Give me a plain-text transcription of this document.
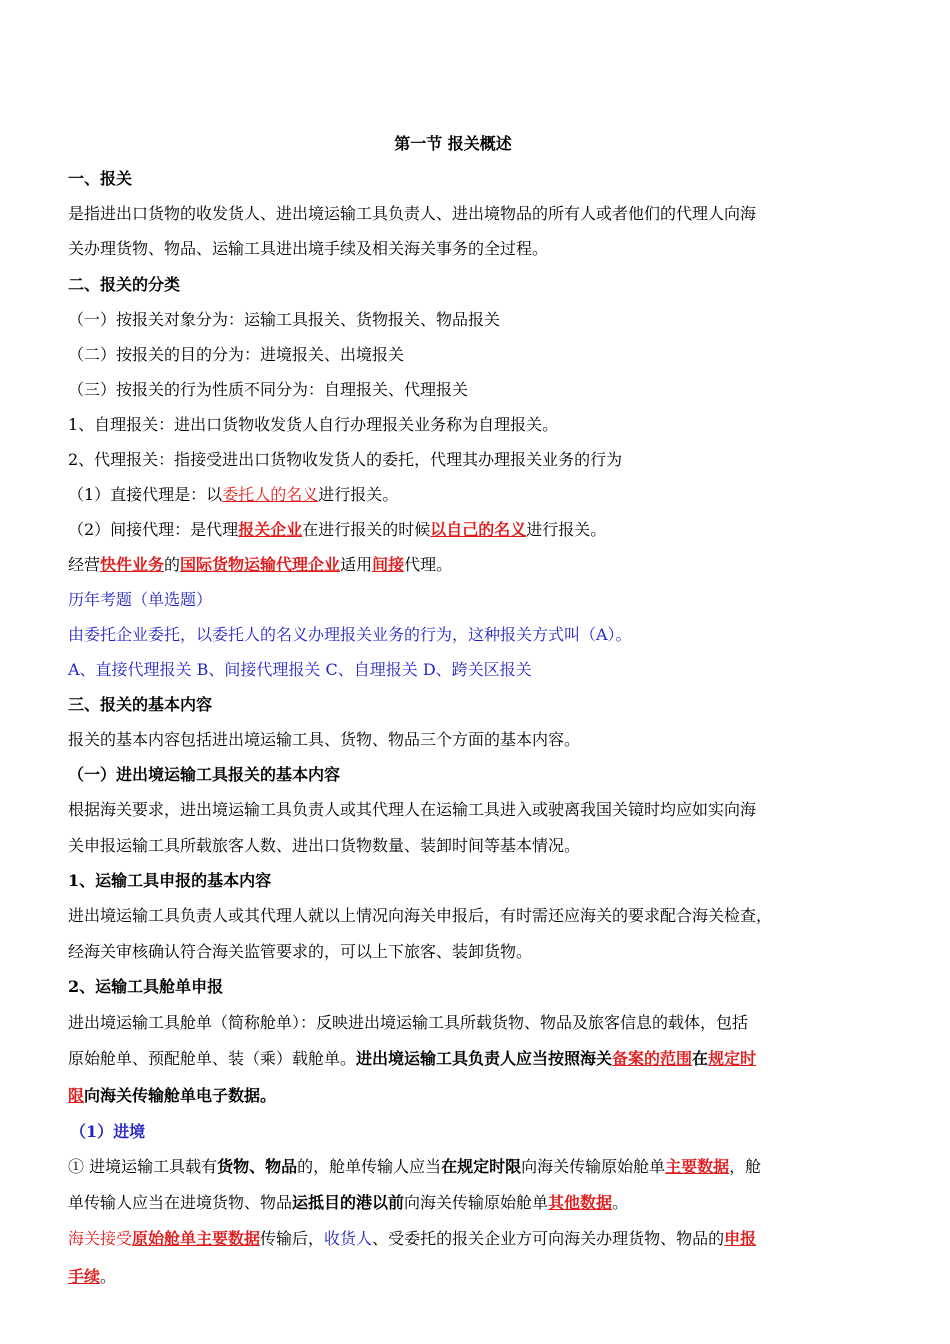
第一节 报关概述
一、报关
是指进出口货物的收发货人、进出境运输工具负责人、进出境物品的所有人或者他们的代理人向海
关办理货物、物品、运输工具进出境手续及相关海关事务的全过程。
二、报关的分类
（一）按报关对象分为：运输工具报关、货物报关、物品报关
（二）按报关的目的分为：进境报关、出境报关
（三）按报关的行为性质不同分为：自理报关、代理报关
1、自理报关：进出口货物收发货人自行办理报关业务称为自理报关。
2、代理报关：指接受进出口货物收发货人的委托，代理其办理报关业务的行为
（1）直接代理是：以委托人的名义进行报关。
（2）间接代理：是代理报关企业在进行报关的时候以自己的名义进行报关。
经营快件业务的国际货物运输代理企业适用间接代理。
历年考题（单选题）
由委托企业委托，以委托人的名义办理报关业务的行为，这种报关方式叫（A）。
A、直接代理报关 B、间接代理报关 C、自理报关 D、跨关区报关
三、报关的基本内容
报关的基本内容包括进出境运输工具、货物、物品三个方面的基本内容。
（一）进出境运输工具报关的基本内容
根据海关要求，进出境运输工具负责人或其代理人在运输工具进入或驶离我国关镜时均应如实向海
关申报运输工具所载旅客人数、进出口货物数量、装卸时间等基本情况。
1、运输工具申报的基本内容
进出境运输工具负责人或其代理人就以上情况向海关申报后，有时需还应海关的要求配合海关检查，
经海关审核确认符合海关监管要求的，可以上下旅客、装卸货物。
2、运输工具舱单申报
进出境运输工具舱单（简称舱单）：反映进出境运输工具所载货物、物品及旅客信息的载体，包括
原始舱单、预配舱单、装（乘）载舱单。进出境运输工具负责人应当按照海关备案的范围在规定时
限向海关传输舱单电子数据。
（1）进境
① 进境运输工具载有货物、物品的，舱单传输人应当在规定时限向海关传输原始舱单主要数据，舱
单传输人应当在进境货物、物品运抵目的港以前向海关传输原始舱单其他数据。
海关接受原始舱单主要数据传输后，收货人、受委托的报关企业方可向海关办理货物、物品的申报
手续。
